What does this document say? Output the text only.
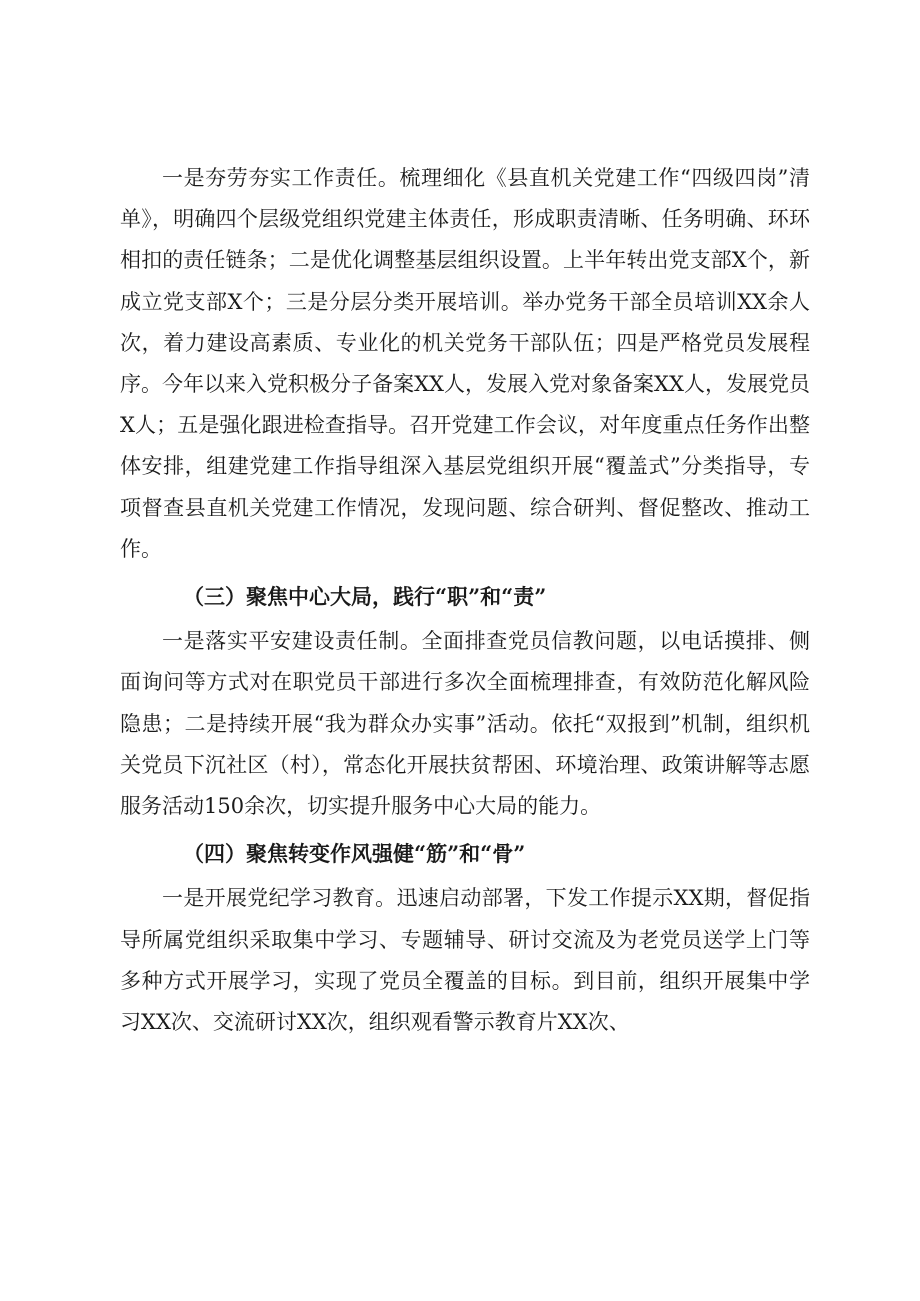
一是夯劳夯实工作责任。梳理细化《县直机关党建工作“四级四岗”清单》，明确四个层级党组织党建主体责任，形成职责清晰、任务明确、环环相扣的责任链条；二是优化调整基层组织设置。上半年转出党支部X个，新成立党支部X个；三是分层分类开展培训。举办党务干部全员培训XX余人次，着力建设高素质、专业化的机关党务干部队伍；四是严格党员发展程序。今年以来入党积极分子备案XX人，发展入党对象备案XX人，发展党员X人；五是强化跟进检查指导。召开党建工作会议，对年度重点任务作出整体安排，组建党建工作指导组深入基层党组织开展“覆盖式”分类指导，专项督查县直机关党建工作情况，发现问题、综合研判、督促整改、推动工作。

（三）聚焦中心大局，践行“职”和“责”

一是落实平安建设责任制。全面排查党员信教问题，以电话摸排、侧面询问等方式对在职党员干部进行多次全面梳理排查，有效防范化解风险隐患；二是持续开展“我为群众办实事”活动。依托“双报到”机制，组织机关党员下沉社区（村），常态化开展扶贫帮困、环境治理、政策讲解等志愿服务活动150余次，切实提升服务中心大局的能力。

（四）聚焦转变作风强健“筋”和“骨”

一是开展党纪学习教育。迅速启动部署，下发工作提示XX期，督促指导所属党组织采取集中学习、专题辅导、研讨交流及为老党员送学上门等多种方式开展学习，实现了党员全覆盖的目标。到目前，组织开展集中学习XX次、交流研讨XX次，组织观看警示教育片XX次、
